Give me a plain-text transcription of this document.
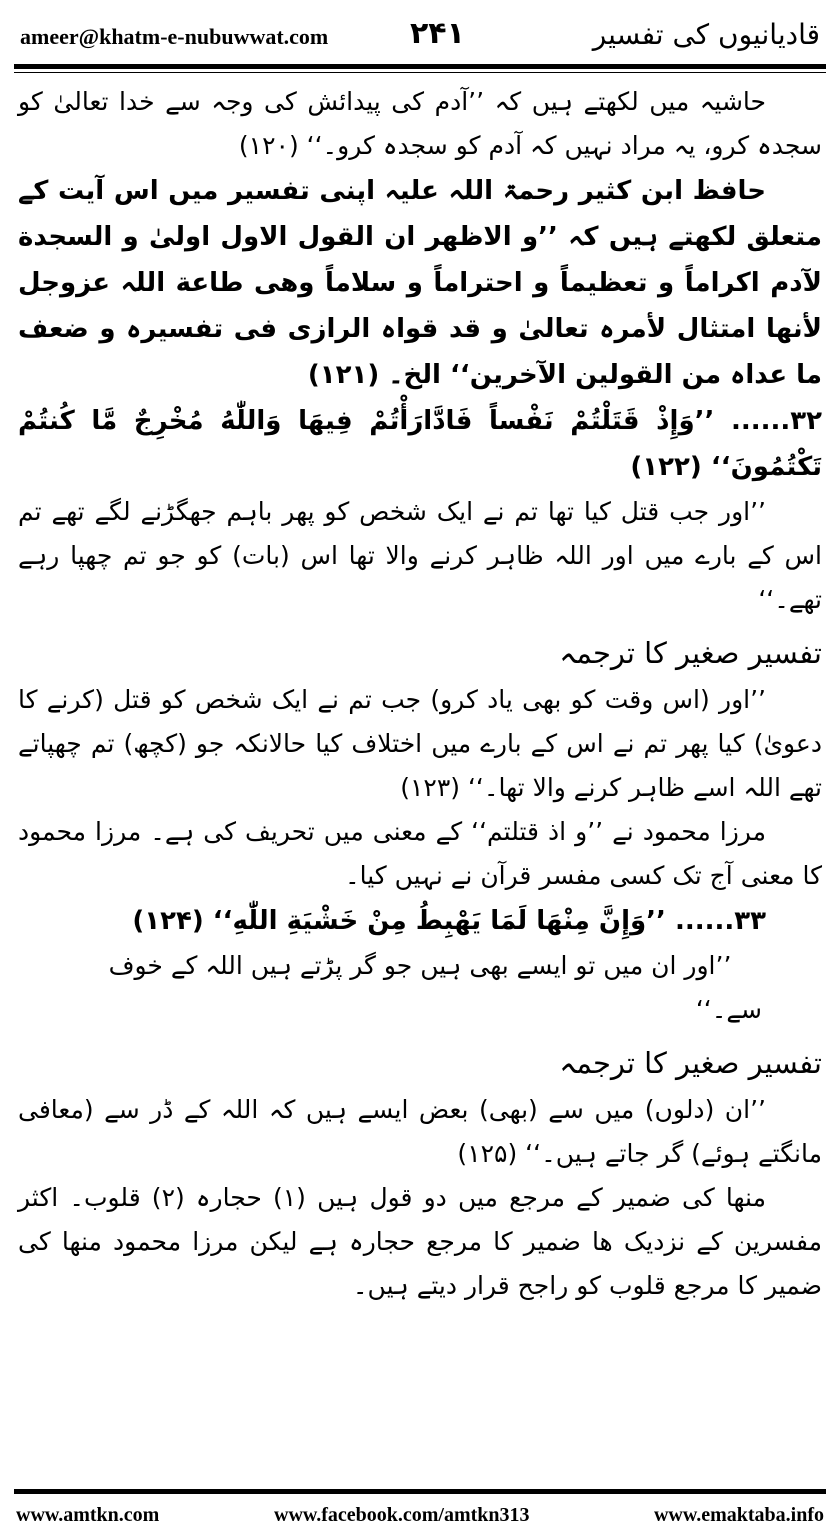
ameer@khatm-e-nubuwwat.com	۲۴۱	قادیانیوں کی تفسیر

حاشیہ میں لکھتے ہیں کہ ’’آدم کی پیدائش کی وجہ سے خدا تعالیٰ کو سجدہ کرو، یہ مراد نہیں کہ آدم کو سجدہ کرو۔‘‘ (۱۲۰)

حافظ ابن کثیر رحمۃ اللہ علیہ اپنی تفسیر میں اس آیت کے متعلق لکھتے ہیں کہ ’’و الاظھر ان القول الاول اولیٰ و السجدة لآدم اکراماً و تعظیماً و احتراماً و سلاماً وھی طاعة اللہ عزوجل لأنھا امتثال لأمرہ تعالیٰ و قد قواہ الرازی فی تفسیرہ و ضعف ما عداہ من القولین الآخرین‘‘ الخ۔ (۱۲۱)

۳۲...... ’’وَإِذْ قَتَلْتُمْ نَفْساً فَادَّارَأْتُمْ فِيهَا وَاللّٰهُ مُخْرِجٌ مَّا كُنتُمْ تَكْتُمُونَ‘‘ (۱۲۲)

’’اور جب قتل کیا تھا تم نے ایک شخص کو پھر باہم جھگڑنے لگے تھے تم اس کے بارے میں اور اللہ ظاہر کرنے والا تھا اس (بات) کو جو تم چھپا رہے تھے۔‘‘

تفسیر صغیر کا ترجمہ

’’اور (اس وقت کو بھی یاد کرو) جب تم نے ایک شخص کو قتل (کرنے کا دعویٰ) کیا پھر تم نے اس کے بارے میں اختلاف کیا حالانکہ جو (کچھ) تم چھپاتے تھے اللہ اسے ظاہر کرنے والا تھا۔‘‘ (۱۲۳)

مرزا محمود نے ’’و اذ قتلتم‘‘ کے معنی میں تحریف کی ہے۔ مرزا محمود کا معنی آج تک کسی مفسر قرآن نے نہیں کیا۔

۳۳...... ’’وَإِنَّ مِنْهَا لَمَا يَهْبِطُ مِنْ خَشْيَةِ اللّٰهِ‘‘ (۱۲۴)

’’اور ان میں تو ایسے بھی ہیں جو گر پڑتے ہیں اللہ کے خوف سے۔‘‘

تفسیر صغیر کا ترجمہ

’’ان (دلوں) میں سے (بھی) بعض ایسے ہیں کہ اللہ کے ڈر سے (معافی مانگتے ہوئے) گر جاتے ہیں۔‘‘ (۱۲۵)

منھا کی ضمیر کے مرجع میں دو قول ہیں (۱) حجارہ (۲) قلوب۔ اکثر مفسرین کے نزدیک ھا ضمیر کا مرجع حجارہ ہے لیکن مرزا محمود منھا کی ضمیر کا مرجع قلوب کو راجح قرار دیتے ہیں۔

www.amtkn.com	www.facebook.com/amtkn313	www.emaktaba.info
